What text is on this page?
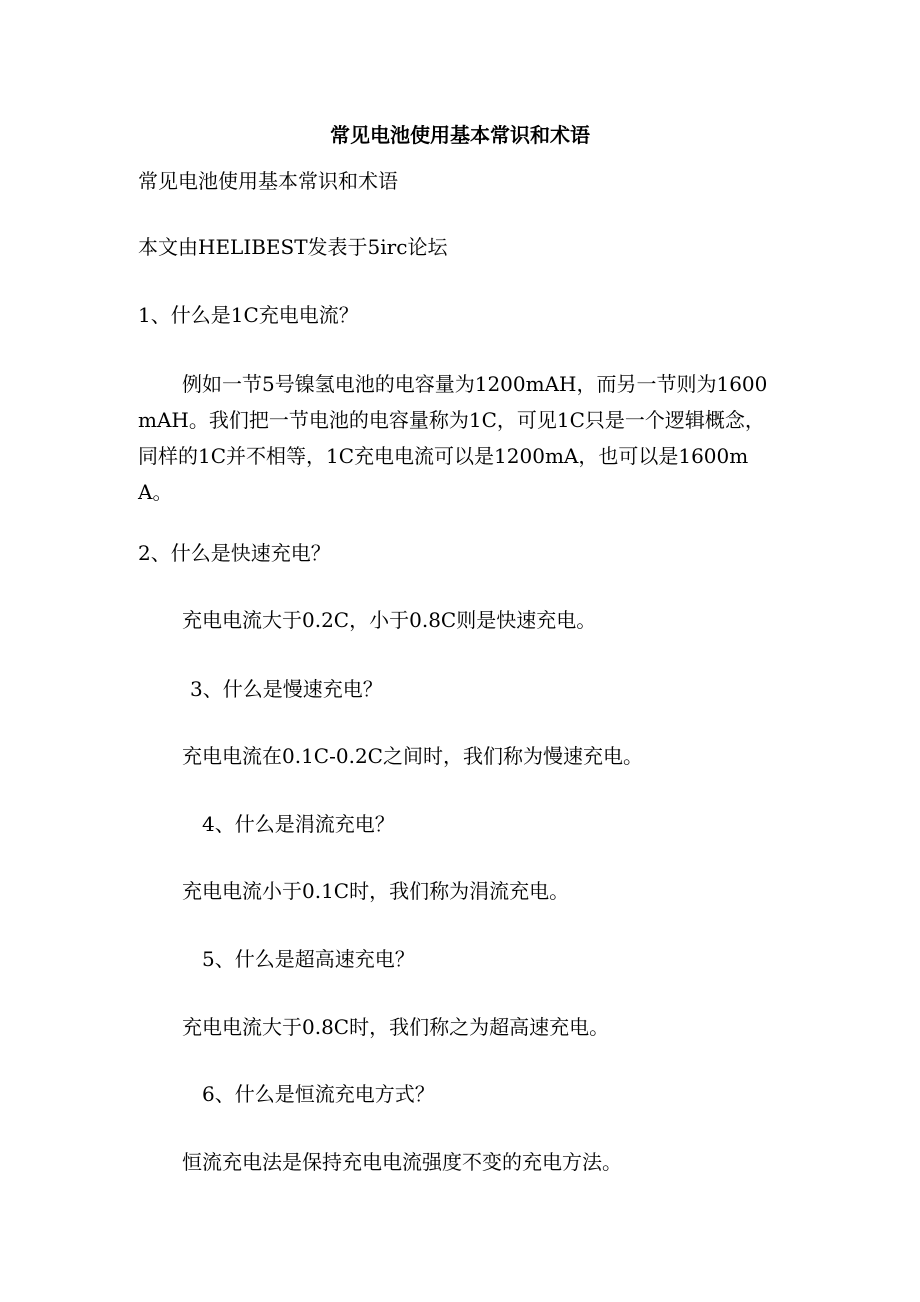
常见电池使用基本常识和术语

常见电池使用基本常识和术语

本文由HELIBEST发表于5irc论坛

1、什么是1C充电电流？

例如一节5号镍氢电池的电容量为1200mAH，而另一节则为1600mAH。我们把一节电池的电容量称为1C，可见1C只是一个逻辑概念，同样的1C并不相等，1C充电电流可以是1200mA，也可以是1600mA。

2、什么是快速充电？

充电电流大于0.2C，小于0.8C则是快速充电。

3、什么是慢速充电？

充电电流在0.1C-0.2C之间时，我们称为慢速充电。

4、什么是涓流充电？

充电电流小于0.1C时，我们称为涓流充电。

5、什么是超高速充电？

充电电流大于0.8C时，我们称之为超高速充电。

6、什么是恒流充电方式？

恒流充电法是保持充电电流强度不变的充电方法。
